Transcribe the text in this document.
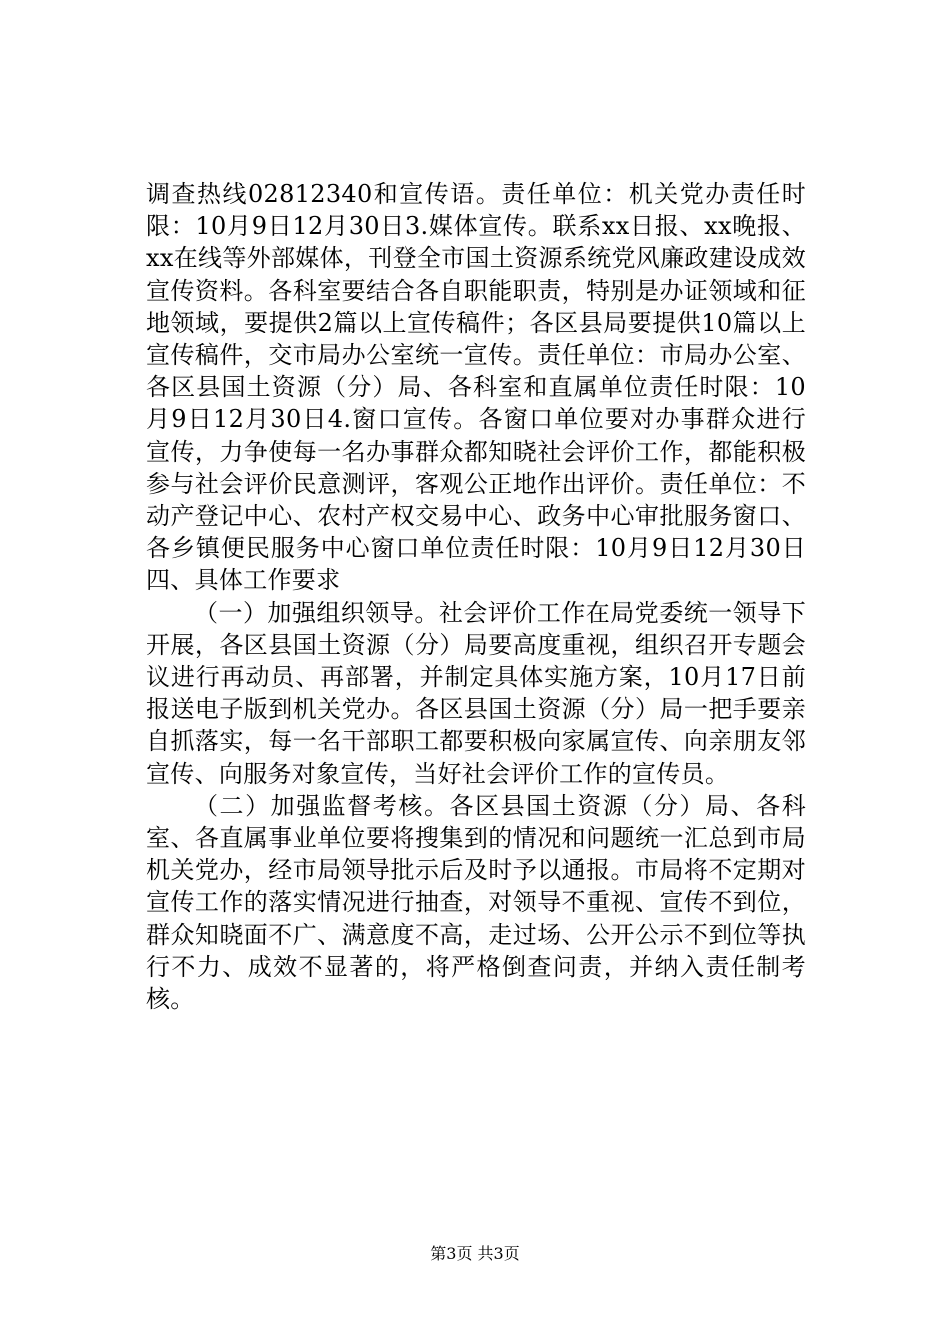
调查热线02812340和宣传语。责任单位：机关党办责任时限：10月9日12月30日3.媒体宣传。联系xx日报、xx晚报、xx在线等外部媒体，刊登全市国土资源系统党风廉政建设成效宣传资料。各科室要结合各自职能职责，特别是办证领域和征地领域，要提供2篇以上宣传稿件；各区县局要提供10篇以上宣传稿件，交市局办公室统一宣传。责任单位：市局办公室、各区县国土资源（分）局、各科室和直属单位责任时限：10月9日12月30日4.窗口宣传。各窗口单位要对办事群众进行宣传，力争使每一名办事群众都知晓社会评价工作，都能积极参与社会评价民意测评，客观公正地作出评价。责任单位：不动产登记中心、农村产权交易中心、政务中心审批服务窗口、各乡镇便民服务中心窗口单位责任时限：10月9日12月30日四、具体工作要求

（一）加强组织领导。社会评价工作在局党委统一领导下开展，各区县国土资源（分）局要高度重视，组织召开专题会议进行再动员、再部署，并制定具体实施方案，10月17日前报送电子版到机关党办。各区县国土资源（分）局一把手要亲自抓落实，每一名干部职工都要积极向家属宣传、向亲朋友邻宣传、向服务对象宣传，当好社会评价工作的宣传员。

（二）加强监督考核。各区县国土资源（分）局、各科室、各直属事业单位要将搜集到的情况和问题统一汇总到市局机关党办，经市局领导批示后及时予以通报。市局将不定期对宣传工作的落实情况进行抽查，对领导不重视、宣传不到位，群众知晓面不广、满意度不高，走过场、公开公示不到位等执行不力、成效不显著的，将严格倒查问责，并纳入责任制考核。

第3页 共3页
